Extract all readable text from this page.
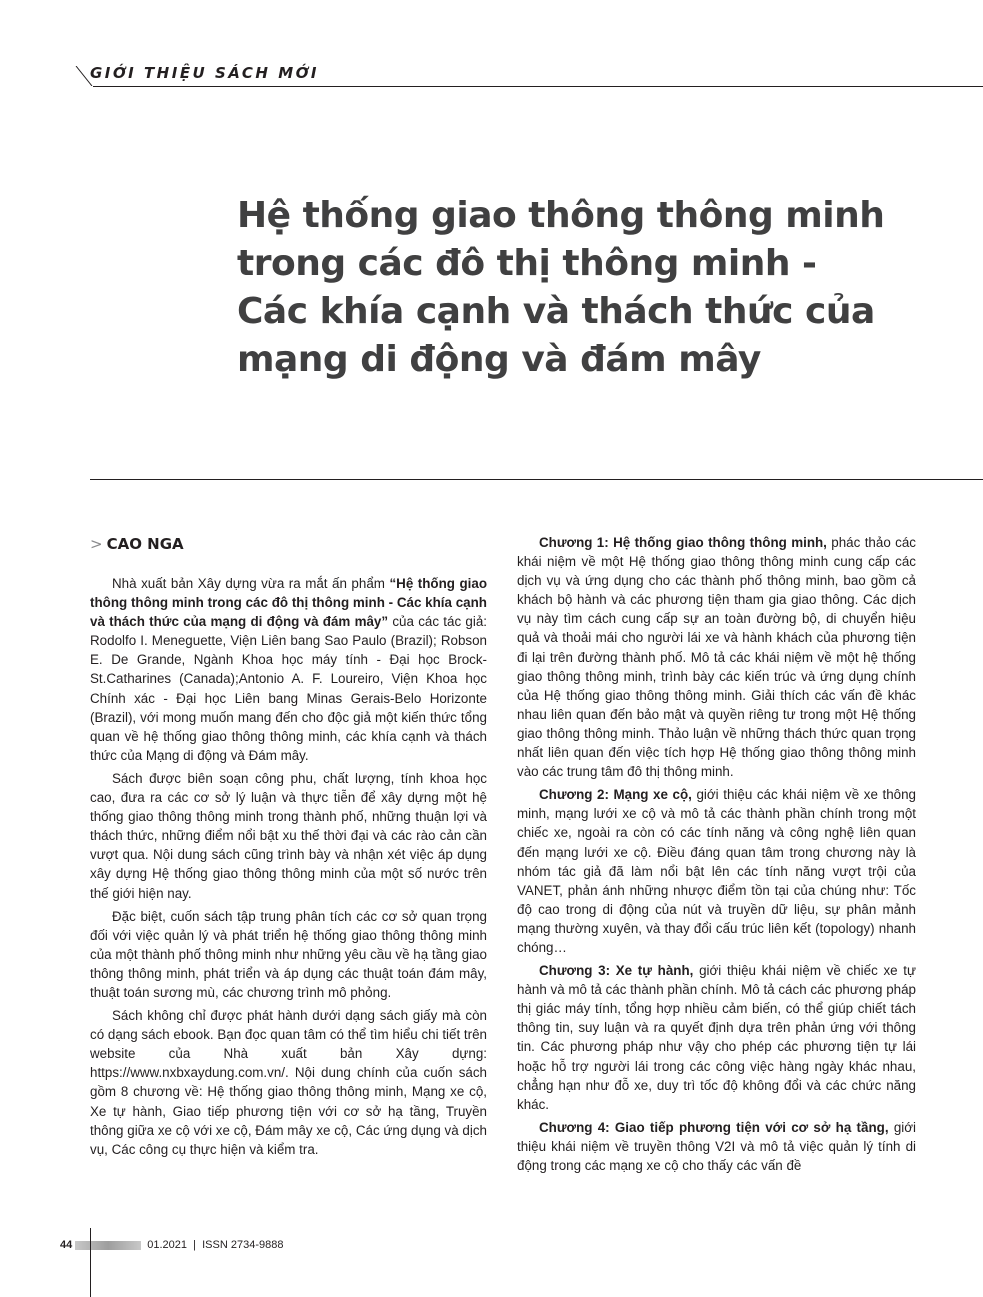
GIỚI THIỆU SÁCH MỚI
Hệ thống giao thông thông minh
trong các đô thị thông minh -
Các khía cạnh và thách thức của
mạng di động và đám mây
> CAO NGA

Nhà xuất bản Xây dựng vừa ra mắt ấn phẩm “Hệ thống giao thông thông minh trong các đô thị thông minh - Các khía cạnh và thách thức của mạng di động và đám mây” của các tác giả: Rodolfo I. Meneguette, Viện Liên bang Sao Paulo (Brazil); Robson E. De Grande, Ngành Khoa học máy tính - Đại học Brock-St.Catharines (Canada);Antonio A. F. Loureiro, Viện Khoa học Chính xác - Đại học Liên bang Minas Gerais-Belo Horizonte (Brazil), với mong muốn mang đến cho độc giả một kiến thức tổng quan về hệ thống giao thông thông minh, các khía cạnh và thách thức của Mạng di động và Đám mây.

Sách được biên soạn công phu, chất lượng, tính khoa học cao, đưa ra các cơ sở lý luận và thực tiễn để xây dựng một hệ thống giao thông thông minh trong thành phố, những thuận lợi và thách thức, những điểm nổi bật xu thế thời đại và các rào cản cần vượt qua. Nội dung sách cũng trình bày và nhận xét việc áp dụng xây dựng Hệ thống giao thông thông minh của một số nước trên thế giới hiện nay.

Đặc biệt, cuốn sách tập trung phân tích các cơ sở quan trọng đối với việc quản lý và phát triển hệ thống giao thông thông minh của một thành phố thông minh như những yêu cầu về hạ tầng giao thông thông minh, phát triển và áp dụng các thuật toán đám mây, thuật toán sương mù, các chương trình mô phỏng.

Sách không chỉ được phát hành dưới dạng sách giấy mà còn có dạng sách ebook. Bạn đọc quan tâm có thể tìm hiểu chi tiết trên website của Nhà xuất bản Xây dựng: https://www.nxbxaydung.com.vn/. Nội dung chính của cuốn sách gồm 8 chương về: Hệ thống giao thông thông minh, Mạng xe cộ, Xe tự hành, Giao tiếp phương tiện với cơ sở hạ tầng, Truyền thông giữa xe cộ với xe cộ, Đám mây xe cộ, Các ứng dụng và dịch vụ, Các công cụ thực hiện và kiểm tra.

Chương 1: Hệ thống giao thông thông minh, phác thảo các khái niệm về một Hệ thống giao thông thông minh cung cấp các dịch vụ và ứng dụng cho các thành phố thông minh, bao gồm cả khách bộ hành và các phương tiện tham gia giao thông. Các dịch vụ này tìm cách cung cấp sự an toàn đường bộ, di chuyển hiệu quả và thoải mái cho người lái xe và hành khách của phương tiện đi lại trên đường thành phố. Mô tả các khái niệm về một hệ thống giao thông thông minh, trình bày các kiến trúc và ứng dụng chính của Hệ thống giao thông thông minh. Giải thích các vấn đề khác nhau liên quan đến bảo mật và quyền riêng tư trong một Hệ thống giao thông thông minh. Thảo luận về những thách thức quan trọng nhất liên quan đến việc tích hợp Hệ thống giao thông thông minh vào các trung tâm đô thị thông minh.

Chương 2: Mạng xe cộ, giới thiệu các khái niệm về xe thông minh, mạng lưới xe cộ và mô tả các thành phần chính trong một chiếc xe, ngoài ra còn có các tính năng và công nghệ liên quan đến mạng lưới xe cộ. Điều đáng quan tâm trong chương này là nhóm tác giả đã làm nổi bật lên các tính năng vượt trội của VANET, phản ánh những nhược điểm tồn tại của chúng như: Tốc độ cao trong di động của nút và truyền dữ liệu, sự phân mảnh mạng thường xuyên, và thay đổi cấu trúc liên kết (topology) nhanh chóng…

Chương 3: Xe tự hành, giới thiệu khái niệm về chiếc xe tự hành và mô tả các thành phần chính. Mô tả cách các phương pháp thị giác máy tính, tổng hợp nhiều cảm biến, có thể giúp chiết tách thông tin, suy luận và ra quyết định dựa trên phản ứng với thông tin. Các phương pháp như vậy cho phép các phương tiện tự lái hoặc hỗ trợ người lái trong các công việc hàng ngày khác nhau, chẳng hạn như đỗ xe, duy trì tốc độ không đổi và các chức năng khác.

Chương 4: Giao tiếp phương tiện với cơ sở hạ tầng, giới thiệu khái niệm về truyền thông V2I và mô tả việc quản lý tính di động trong các mạng xe cộ cho thấy các vấn đề

44	01.2021 | ISSN 2734-9888
